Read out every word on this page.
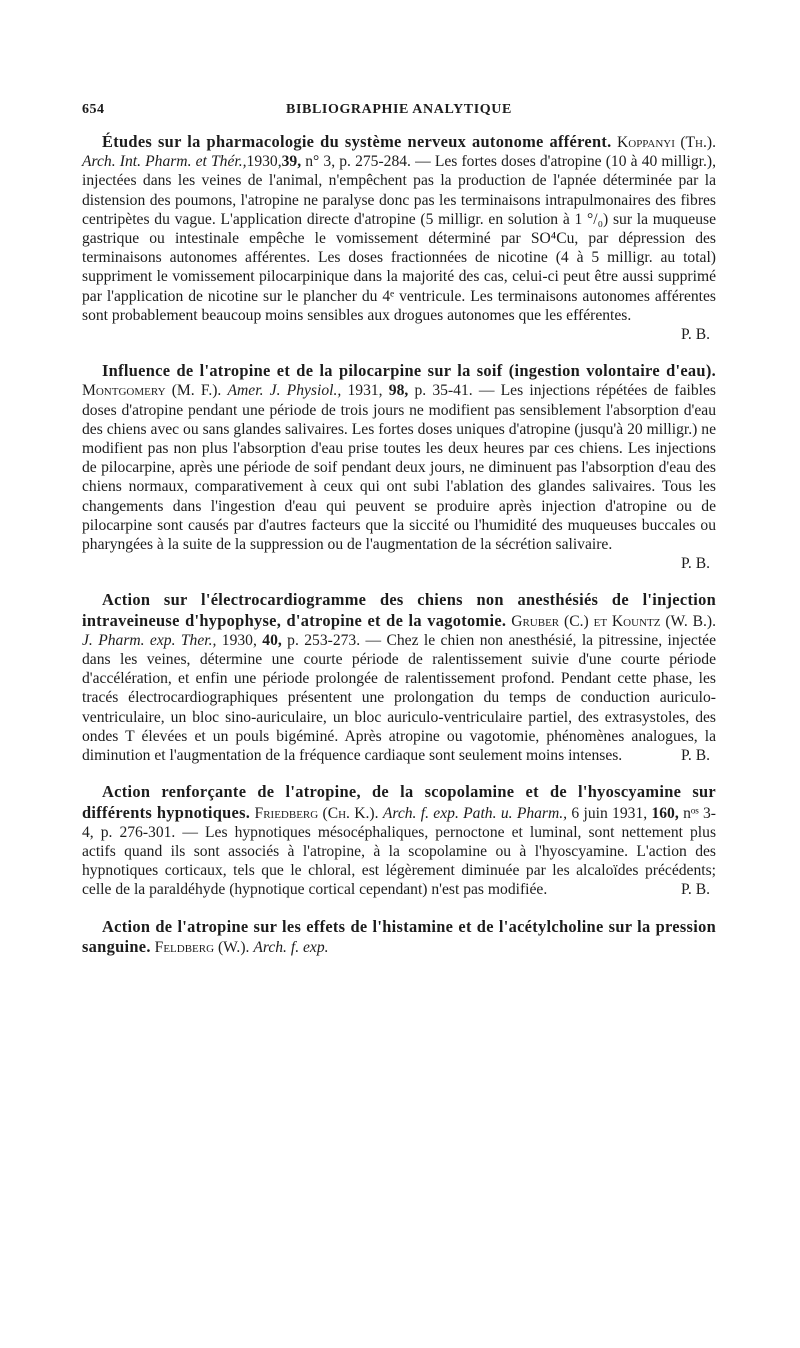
654	BIBLIOGRAPHIE ANALYTIQUE

Études sur la pharmacologie du système nerveux autonome afférent. Koppanyi (Th.). Arch. Int. Pharm. et Thér.,1930,39, n° 3, p. 275-284. — Les fortes doses d'atropine (10 à 40 milligr.), injectées dans les veines de l'animal, n'empêchent pas la production de l'apnée déterminée par la distension des poumons, l'atropine ne paralyse donc pas les terminaisons intrapulmonaires des fibres centripètes du vague. L'application directe d'atropine (5 milligr. en solution à 1 °/₀) sur la muqueuse gastrique ou intestinale empêche le vomissement déterminé par SO⁴Cu, par dépression des terminaisons autonomes afférentes. Les doses fractionnées de nicotine (4 à 5 milligr. au total) suppriment le vomissement pilocarpinique dans la majorité des cas, celui-ci peut être aussi supprimé par l'application de nicotine sur le plancher du 4ᵉ ventricule. Les terminaisons autonomes afférentes sont probablement beaucoup moins sensibles aux drogues autonomes que les efférentes.

P. B.

Influence de l'atropine et de la pilocarpine sur la soif (ingestion volontaire d'eau). Montgomery (M. F.). Amer. J. Physiol., 1931, 98, p. 35-41. — Les injections répétées de faibles doses d'atropine pendant une période de trois jours ne modifient pas sensiblement l'absorption d'eau des chiens avec ou sans glandes salivaires. Les fortes doses uniques d'atropine (jusqu'à 20 milligr.) ne modifient pas non plus l'absorption d'eau prise toutes les deux heures par ces chiens. Les injections de pilocarpine, après une période de soif pendant deux jours, ne diminuent pas l'absorption d'eau des chiens normaux, comparativement à ceux qui ont subi l'ablation des glandes salivaires. Tous les changements dans l'ingestion d'eau qui peuvent se produire après injection d'atropine ou de pilocarpine sont causés par d'autres facteurs que la siccité ou l'humidité des muqueuses buccales ou pharyngées à la suite de la suppression ou de l'augmentation de la sécrétion salivaire.

P. B.

Action sur l'électrocardiogramme des chiens non anesthésiés de l'injection intraveineuse d'hypophyse, d'atropine et de la vagotomie. Gruber (C.) et Kountz (W. B.). J. Pharm. exp. Ther., 1930, 40, p. 253-273. — Chez le chien non anesthésié, la pitressine, injectée dans les veines, détermine une courte période de ralentissement suivie d'une courte période d'accélération, et enfin une période prolongée de ralentissement profond. Pendant cette phase, les tracés électrocardiographiques présentent une prolongation du temps de conduction auriculo-ventriculaire, un bloc sino-auriculaire, un bloc auriculo-ventriculaire partiel, des extrasystoles, des ondes T élevées et un pouls bigéminé. Après atropine ou vagotomie, phénomènes analogues, la diminution et l'augmentation de la fréquence cardiaque sont seulement moins intenses.	P. B.

Action renforçante de l'atropine, de la scopolamine et de l'hyoscyamine sur différents hypnotiques. Friedberg (Ch. K.). Arch. f. exp. Path. u. Pharm., 6 juin 1931, 160, nᵒˢ 3-4, p. 276-301. — Les hypnotiques mésocéphaliques, pernoctone et luminal, sont nettement plus actifs quand ils sont associés à l'atropine, à la scopolamine ou à l'hyoscyamine. L'action des hypnotiques corticaux, tels que le chloral, est légèrement diminuée par les alcaloïdes précédents; celle de la paraldéhyde (hypnotique cortical cependant) n'est pas modifiée.	P. B.

Action de l'atropine sur les effets de l'histamine et de l'acétylcholine sur la pression sanguine. Feldberg (W.). Arch. f. exp.
